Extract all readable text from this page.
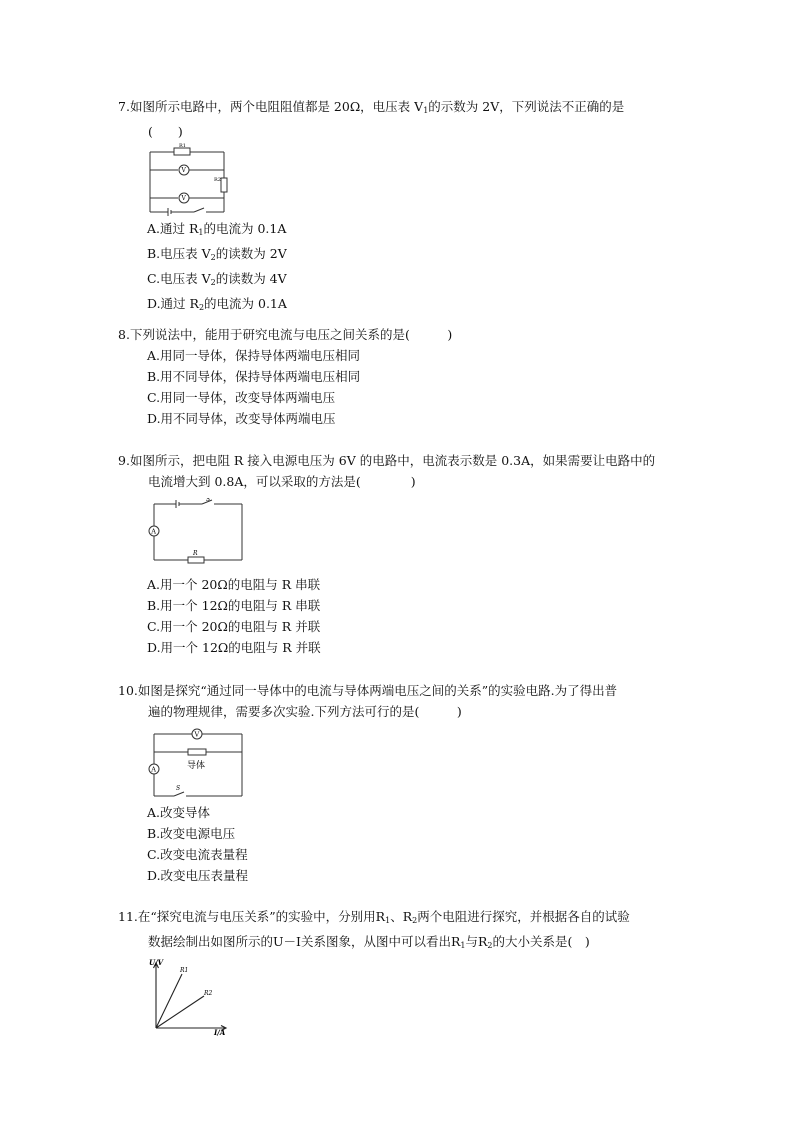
7.如图所示电路中，两个电阻阻值都是 20Ω，电压表 $V_1$的示数为 2V，下列说法不正确的是
(　　)
R1
V
V
R2
A.通过 $R_1$的电流为 0.1A
B.电压表 $V_2$的读数为 2V
C.电压表 $V_2$的读数为 4V
D.通过 $R_2$的电流为 0.1A
8.下列说法中，能用于研究电流与电压之间关系的是(　　　)
A.用同一导体，保持导体两端电压相同
B.用不同导体，保持导体两端电压相同
C.用同一导体，改变导体两端电压
D.用不同导体，改变导体两端电压
9.如图所示，把电阻 R 接入电源电压为 6V 的电路中，电流表示数是 0.3A，如果需要让电路中的
电流增大到 0.8A，可以采取的方法是(　　　　)
A
S
R
A.用一个 20Ω的电阻与 R 串联
B.用一个 12Ω的电阻与 R 串联
C.用一个 20Ω的电阻与 R 并联
D.用一个 12Ω的电阻与 R 并联
10.如图是探究“通过同一导体中的电流与导体两端电压之间的关系”的实验电路.为了得出普
遍的物理规律，需要多次实验.下列方法可行的是(　　　)
V
导体
A
S
A.改变导体
B.改变电源电压
C.改变电流表量程
D.改变电压表量程
11.在“探究电流与电压关系”的实验中，分别用$R_1$、$R_2$两个电阻进行探究，并根据各自的试验
数据绘制出如图所示的U－I关系图象，从图中可以看出$R_1$与$R_2$的大小关系是(　)
U/V
I/A
R1
R2
